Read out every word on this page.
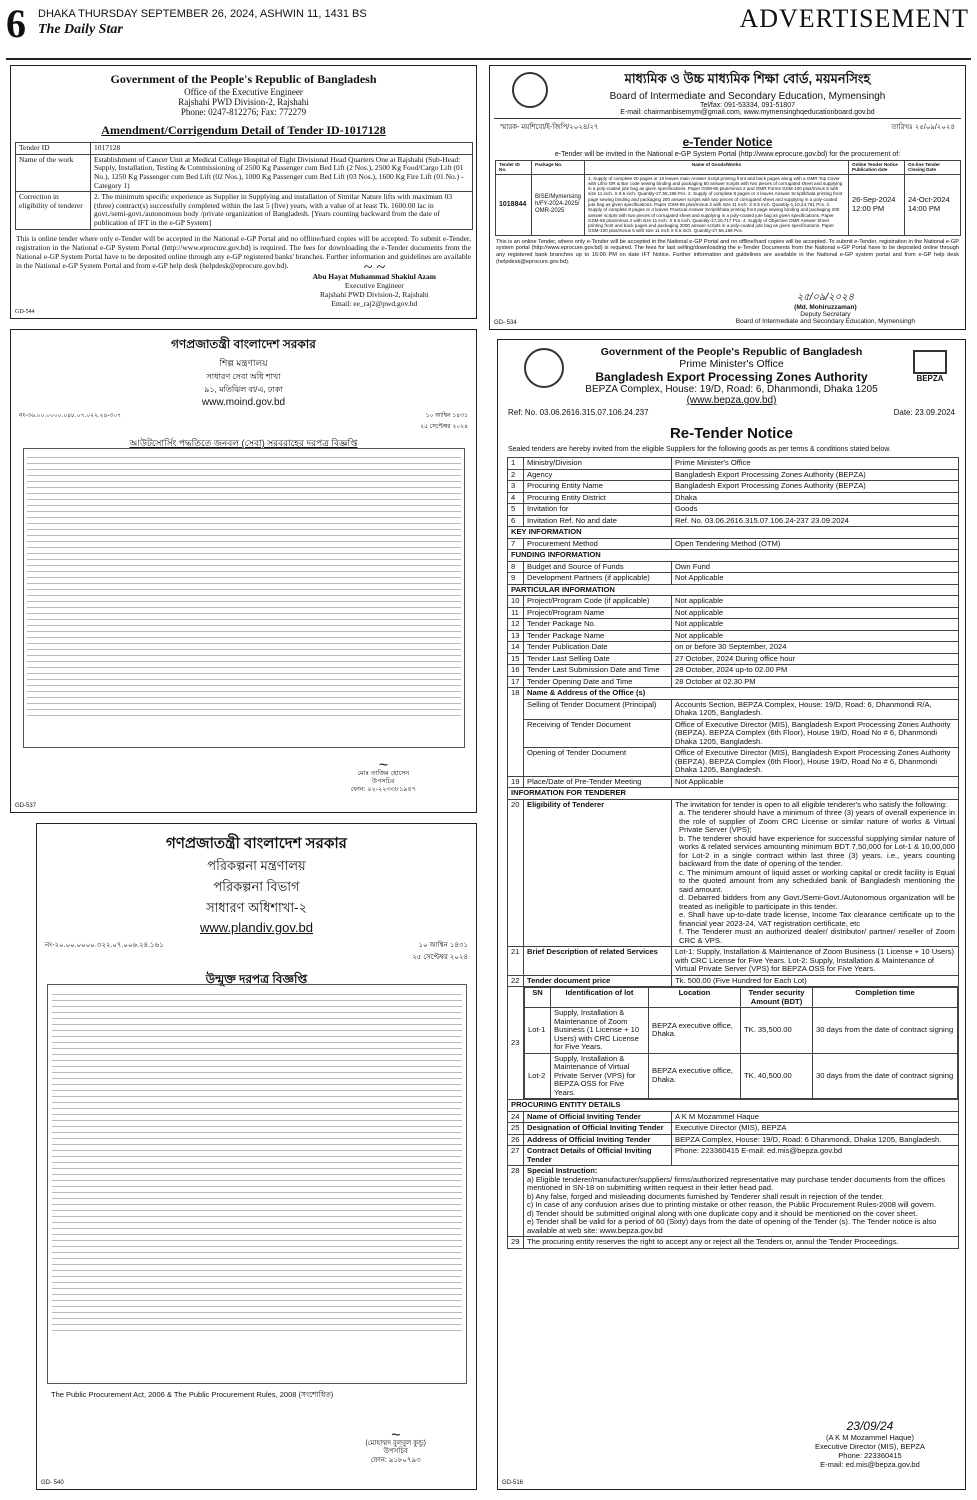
6 DHAKA THURSDAY SEPTEMBER 26, 2024, ASHWIN 11, 1431 BS
The Daily Star	ADVERTISEMENT
Government of the People's Republic of Bangladesh
Office of the Executive Engineer
Rajshahi PWD Division-2, Rajshahi
Phone: 0247-812276; Fax: 772279
Amendment/Corrigendum Detail of Tender ID-1017128
Tender ID	1017128
Name of the work	Establishment of Cancer Unit at Medical College Hospital of Eight Divisional Head Quarters One at Rajshahi (Sub-Head: Supply, Installation, Testing & Commissioning of 2500 Kg Passenger cum Bed Lift (2 Nos.), 2500 Kg Food/Cargo Lift (01 No.), 1250 Kg Passenger cum Bed Lift (02 Nos.), 1000 Kg Passenger cum Bed Lift (03 Nos.), 1600 Kg Fire Lift (01 No.) - Category 1)
Correction in eligibility of tenderer	2. The minimum specific experience as Supplier in Supplying and installation of Similar Nature lifts with maximum 03 (three) contract(s) successfully completed within the last 5 (five) years, with a value of at least Tk. 1600.00 lac in govt./semi-govt./autonomous body /private organization of Bangladesh. [Years counting backward from the date of publication of IFT in the e-GP System]
This is online tender where only e-Tender will be accepted in the National e-GP Portal and no offline/hard copies will be accepted. To submit e-Tender, registration in the National e-GP System Portal (http://www.eprocure.gov.bd) is required. The fees for downloading the e-Tender documents from the National e-GP System Portal have to be deposited online through any e-GP registered banks' branches. Further information and guidelines are available in the National e-GP System Portal and from e-GP help desk (helpdesk@eprocure.gov.bd).	~ ~
Abu Hayat Muhammad Shakiul Azam
Executive Engineer
Rajshahi PWD Division-2, Rajshahi
Email: ee_raj2@pwd.gov.bd
GD-544
মাধ্যমিক ও উচ্চ মাধ্যমিক শিক্ষা বোর্ড, ময়মনসিংহ
Board of Intermediate and Secondary Education, Mymensingh
Tel/fax: 091-53334, 091-51807
E-mail: chairmanbisemym@gmail.com, www.mymensinghqeducationboard.gov.bd
স্মারক- ময়শিবো/ই-জিপি/২০২৪/২৭	তারিখঃ ২৫/০৯/২০২৪
e-Tender Notice
e-Tender will be invited in the National e-GP System Portal (http://www.eprocure.gov.bd) for the procurement of:
Tender ID No.	Package No.	Name of Goods/Works	Online Tender Notice Publication date	On-line Tender Closing Date
1018844	BISE/Mymensing h/FY-2024-2025/ OMR-2025	1. Supply of complete 20 pages or 10 leaves main Answer Script printing front and back pages along with a OMR Top Cover with Litho OR & Bar code sewing binding and packaging 50 answer scripts with two pieces of corrugated sheet and supplying in a poly-coated jute bag as given specifications. Paper GSM-65 plus/minus 2 and OMR Forms GSM-100 plus/minus 5 with size 11 inch. X 8.5 inch. Quantity-27,56,196 Pcs. 2. Supply of complete 8 pages or 4 leaves Answer Script/khata printing front page sewing binding and packaging 200 answer scripts with two pieces of corrugated sheet and supplying in a poly-coated jute bag as given specifications. Paper GSM-65 plus/minus 2 with size 11 inch. X 8.5 inch. Quantity-1,10,24,781 Pcs. 3. Supply of complete 8 pages or 4 leaves Practical Answer Script/khata printing front page sewing binding and packaging 200 answer scripts with two pieces of corrugated sheet and supplying in a poly-coated jute bag as given specifications. Paper GSM-65 plus/minus 2 with size 11 inch. X 8.5 inch. Quantity-17,20,717 Pcs. 4. Supply of Objective OMR Answer Sheet printing front and back pages and packaging 2000 answer scripts in a poly-coated jute bag as given specifications. Paper GSM-100 plus/minus 5 with size 11 inch X 8.5 inch. Quantity-27,56,196 Pcs.	26-Sep-2024 12:00 PM	24-Oct-2024 14:00 PM
This is an online Tender, where only e-Tender will be accepted in the National e-GP Portal and no offline/hard copies will be accepted. To submit e-Tender, registration in the National e-GP system portal (http://www.eprocure.gov.bd) is required. The fees for last selling/downloading the e-Tender Documents from the National e-GP Portal have to be deposited online through any registered bank branches up to 16:00 PM on date IFT Notice. Further information and guidelines are available in the National e-GP system portal and from e-GP help desk (helpdesk@eprocure.gov.bd).
২৫/০৯/২০২৪
(Md. Mohiruzzaman)
Deputy Secretary
Board of Intermediate and Secondary Education, Mymensingh
GD- 534
গণপ্রজাতন্ত্রী বাংলাদেশ সরকার
শিল্প মন্ত্রণালয়
সাধারণ সেবা অধি শাখা
৯১, মতিঝিল বা/এ, ঢাকা
www.moind.gov.bd
নং-৩৬.০০.০০০০.০৪৮.০৭.০২২.২৪-৩০৭	১০ আশ্বিন ১৪৩১
২৫ সেপ্টেম্বর ২০২৪
আউটসোর্সিং পদ্ধতিতে জনবল (সেবা) সরবরাহের দরপত্র বিজ্ঞপ্তি
~
মোঃ তাজিম হোসেন
উপসচিব
ফোন: ০২-২২৩৩৮১৯৫৭
GD-537
গণপ্রজাতন্ত্রী বাংলাদেশ সরকার
পরিকল্পনা মন্ত্রণালয়
পরিকল্পনা বিভাগ
সাধারণ অধিশাখা-২
www.plandiv.gov.bd
নং-২০.০০.০০০০.৩২২.০৭.০০৬.২৪.১৬১	১০ আশ্বিন ১৪৩১
২৫ সেপ্টেম্বর ২০২৪
উন্মুক্ত দরপত্র বিজ্ঞপ্তি
The Public Procurement Act, 2006 & The Public Procurement Rules, 2008 (সংশোধিত)
~
(মোহাম্মদ বুলবুল কুন্ডু)
উপসচিব
ফোন: ৯১৮০৭৯৩
GD- 540
BEPZA
Government of the People's Republic of Bangladesh
Prime Minister's Office
Bangladesh Export Processing Zones Authority
BEPZA Complex, House: 19/D, Road: 6, Dhanmondi, Dhaka 1205
(www.bepza.gov.bd)
Ref: No. 03.06.2616.315.07.106.24.237	Date: 23.09.2024
Re-Tender Notice
Sealed tenders are hereby invited from the eligible Suppliers for the following goods as per terms & conditions stated below.
1	Ministry/Division	Prime Minister's Office
2	Agency	Bangladesh Export Processing Zones Authority (BEPZA)
3	Procuring Entity Name	Bangladesh Export Processing Zones Authority (BEPZA)
4	Procuring Entity District	Dhaka
5	Invitation for	Goods
6	Invitation Ref. No and date	Ref. No. 03.06.2616.315.07.106.24-237 23.09.2024
KEY INFORMATION
7	Procurement Method	Open Tendering Method (OTM)
FUNDING INFORMATION
8	Budget and Source of Funds	Own Fund
9	Development Partners (if applicable)	Not Applicable
PARTICULAR INFORMATION
10	Project/Program Code (if applicable)	Not applicable
11	Project/Program Name	Not applicable
12	Tender Package No.	Not applicable
13	Tender Package Name	Not applicable
14	Tender Publication Date	on or before 30 September, 2024
15	Tender Last Selling Date	27 October, 2024 During office hour
16	Tender Last Submission Date and Time	28 October, 2024 up-to 02.00 PM
17	Tender Opening Date and Time	28 October at 02.30 PM
18	Name & Address of the Office (s)
Selling of Tender Document (Principal)	Accounts Section, BEPZA Complex, House: 19/D, Road: 6, Dhanmondi R/A, Dhaka 1205, Bangladesh.
Receiving of Tender Document	Office of Executive Director (MIS), Bangladesh Export Processing Zones Authority (BEPZA). BEPZA Complex (6th Floor), House 19/D, Road No # 6, Dhanmondi Dhaka 1205, Bangladesh.
Opening of Tender Document	Office of Executive Director (MIS), Bangladesh Export Processing Zones Authority (BEPZA). BEPZA Complex (6th Floor), House 19/D, Road No # 6, Dhanmondi Dhaka 1205, Bangladesh.
19	Place/Date of Pre-Tender Meeting	Not Applicable
INFORMATION FOR TENDERER
20	Eligibility of Tenderer	The invitation for tender is open to all eligible tenderer's who satisfy the following:
a. The tenderer should have a minimum of three (3) years of overall experience in the role of supplier of Zoom CRC License or similar nature of works & Virtual Private Server (VPS);
b. The tenderer should have experience for successful supplying similar nature of works & related services amounting minimum BDT 7,50,000 for Lot-1 & 10,00,000 for Lot-2 in a single contract within last three (3) years. i.e., years counting backward from the date of opening of the tender.
c. The minimum amount of liquid asset or working capital or credit facility is Equal to the quoted amount from any scheduled bank of Bangladesh mentioning the said amount.
d. Debarred bidders from any Govt./Semi-Govt./Autonomous organization will be treated as ineligible to participate in this tender.
e. Shall have up-to-date trade license, Income Tax clearance certificate up to the financial year 2023-24, VAT registration certificate, etc
f. The Tenderer must an authorized dealer/ distributor/ partner/ reseller of Zoom CRC & VPS.

21	Brief Description of related Services	Lot-1: Supply, Installation & Maintenance of Zoom Business (1 License + 10 Users) with CRC License for Five Years. Lot-2: Supply, Installation & Maintenance of Virtual Private Server (VPS) for BEPZA OSS for Five Years.
22	Tender document price	Tk. 500.00 (Five Hundred for Each Lot)
23	
SN	Identification of lot	Location	Tender security Amount (BDT)	Completion time
Lot-1	Supply, Installation & Maintenance of Zoom Business (1 License + 10 Users) with CRC License for Five Years.	BEPZA executive office, Dhaka.	TK. 35,500.00	30 days from the date of contract signing
Lot-2	Supply, Installation & Maintenance of Virtual Private Server (VPS) for BEPZA OSS for Five Years.	BEPZA executive office, Dhaka.	TK. 40,500.00	30 days from the date of contract signing

PROCURING ENTITY DETAILS
24	Name of Official Inviting Tender	A K M Mozammel Haque
25	Designation of Official Inviting Tender	Executive Director (MIS), BEPZA
26	Address of Official Inviting Tender	BEPZA Complex, House: 19/D, Road: 6 Dhanmondi, Dhaka 1205, Bangladesh.
27	Contract Details of Official Inviting Tender	Phone: 223360415 E-mail: ed.mis@bepza.gov.bd
28	Special Instruction:
a) Eligible tenderer/manufacturer/suppliers/ firms/authorized representative may purchase tender documents from the offices mentioned in SN-18 on submitting written request in their letter head pad.
b) Any false, forged and misleading documents furnished by Tenderer shall result in rejection of the tender.
c) In case of any confusion arises due to printing mistake or other reason, the Public Procurement Rules-2008 will govern.
d) Tender should be submitted original along with one duplicate copy and it should be mentioned on the cover sheet.
e) Tender shall be valid for a period of 60 (Sixty) days from the date of opening of the Tender (s). The Tender notice is also available at web site: www.bepza.gov.bd

29	The procuring entity reserves the right to accept any or reject all the Tenders or, annul the Tender Proceedings.
23/09/24
(A K M Mozammel Haque)
Executive Director (MIS), BEPZA
Phone: 223360415
E-mail: ed.mis@bepza.gov.bd
GD-516
